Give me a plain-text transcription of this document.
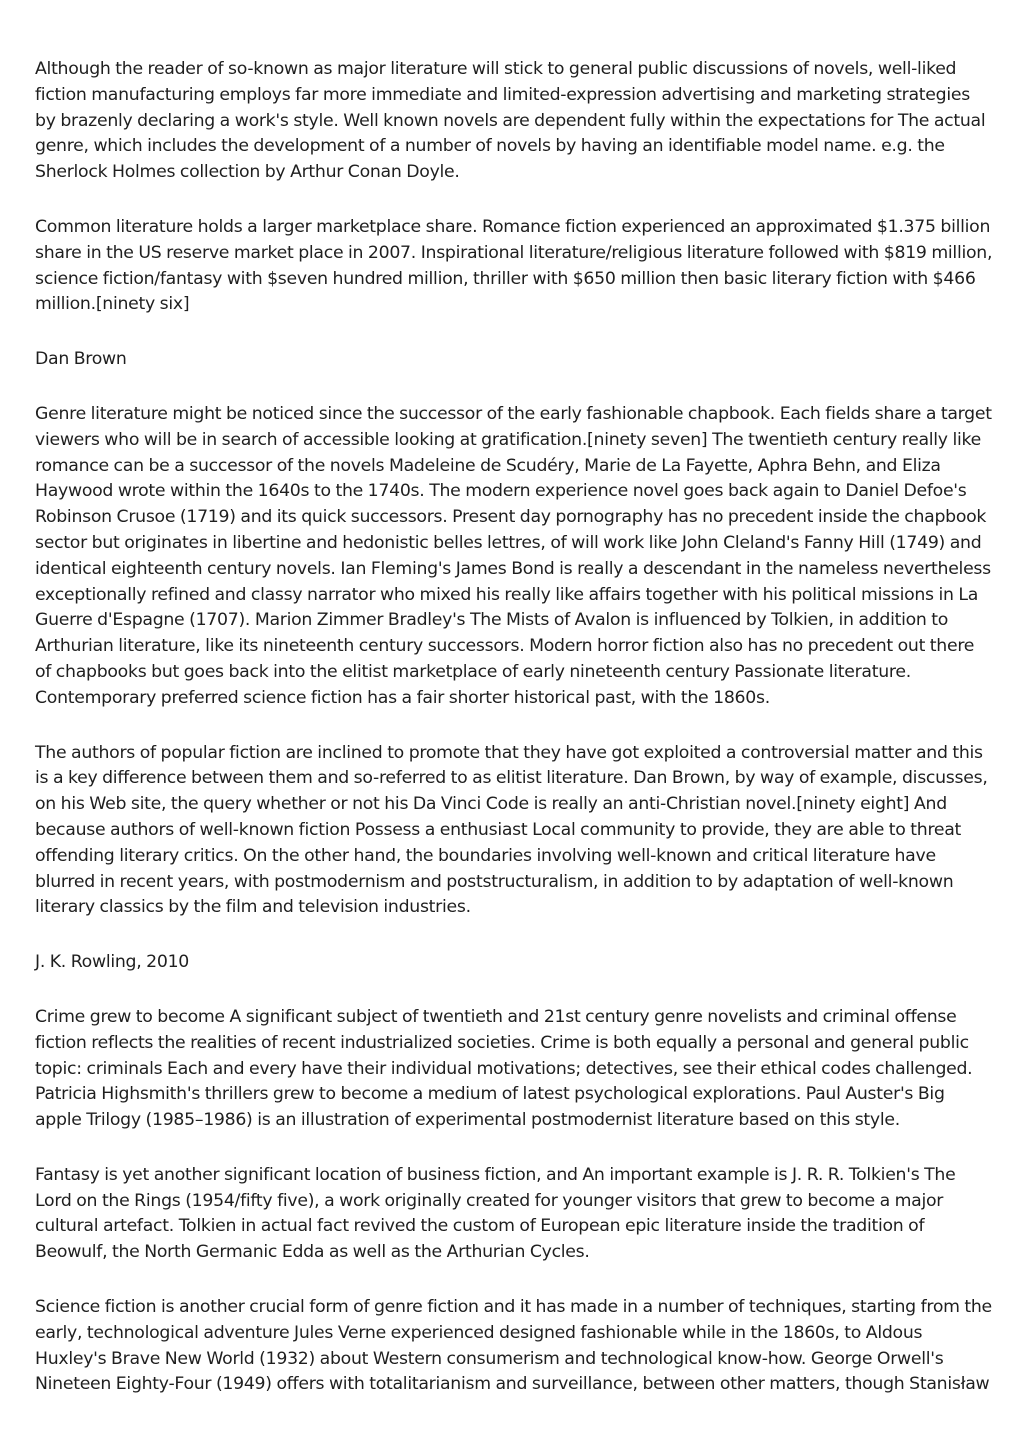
Although the reader of so-known as major literature will stick to general public discussions of novels, well-liked fiction manufacturing employs far more immediate and limited-expression advertising and marketing strategies by brazenly declaring a work's style. Well known novels are dependent fully within the expectations for The actual genre, which includes the development of a number of novels by having an identifiable model name. e.g. the Sherlock Holmes collection by Arthur Conan Doyle.

Common literature holds a larger marketplace share. Romance fiction experienced an approximated $1.375 billion share in the US reserve market place in 2007. Inspirational literature/religious literature followed with $819 million, science fiction/fantasy with $seven hundred million, thriller with $650 million then basic literary fiction with $466 million.[ninety six]

Dan Brown

Genre literature might be noticed since the successor of the early fashionable chapbook. Each fields share a target viewers who will be in search of accessible looking at gratification.[ninety seven] The twentieth century really like romance can be a successor of the novels Madeleine de Scudéry, Marie de La Fayette, Aphra Behn, and Eliza Haywood wrote within the 1640s to the 1740s. The modern experience novel goes back again to Daniel Defoe's Robinson Crusoe (1719) and its quick successors. Present day pornography has no precedent inside the chapbook sector but originates in libertine and hedonistic belles lettres, of will work like John Cleland's Fanny Hill (1749) and identical eighteenth century novels. Ian Fleming's James Bond is really a descendant in the nameless nevertheless exceptionally refined and classy narrator who mixed his really like affairs together with his political missions in La Guerre d'Espagne (1707). Marion Zimmer Bradley's The Mists of Avalon is influenced by Tolkien, in addition to Arthurian literature, like its nineteenth century successors. Modern horror fiction also has no precedent out there of chapbooks but goes back into the elitist marketplace of early nineteenth century Passionate literature. Contemporary preferred science fiction has a fair shorter historical past, with the 1860s.

The authors of popular fiction are inclined to promote that they have got exploited a controversial matter and this is a key difference between them and so-referred to as elitist literature. Dan Brown, by way of example, discusses, on his Web site, the query whether or not his Da Vinci Code is really an anti-Christian novel.[ninety eight] And because authors of well-known fiction Possess a enthusiast Local community to provide, they are able to threat offending literary critics. On the other hand, the boundaries involving well-known and critical literature have blurred in recent years, with postmodernism and poststructuralism, in addition to by adaptation of well-known literary classics by the film and television industries.

J. K. Rowling, 2010

Crime grew to become A significant subject of twentieth and 21st century genre novelists and criminal offense fiction reflects the realities of recent industrialized societies. Crime is both equally a personal and general public topic: criminals Each and every have their individual motivations; detectives, see their ethical codes challenged. Patricia Highsmith's thrillers grew to become a medium of latest psychological explorations. Paul Auster's Big apple Trilogy (1985–1986) is an illustration of experimental postmodernist literature based on this style.

Fantasy is yet another significant location of business fiction, and An important example is J. R. R. Tolkien's The Lord on the Rings (1954/fifty five), a work originally created for younger visitors that grew to become a major cultural artefact. Tolkien in actual fact revived the custom of European epic literature inside the tradition of Beowulf, the North Germanic Edda as well as the Arthurian Cycles.

Science fiction is another crucial form of genre fiction and it has made in a number of techniques, starting from the early, technological adventure Jules Verne experienced designed fashionable while in the 1860s, to Aldous Huxley's Brave New World (1932) about Western consumerism and technological know-how. George Orwell's Nineteen Eighty-Four (1949) offers with totalitarianism and surveillance, between other matters, though Stanisław
